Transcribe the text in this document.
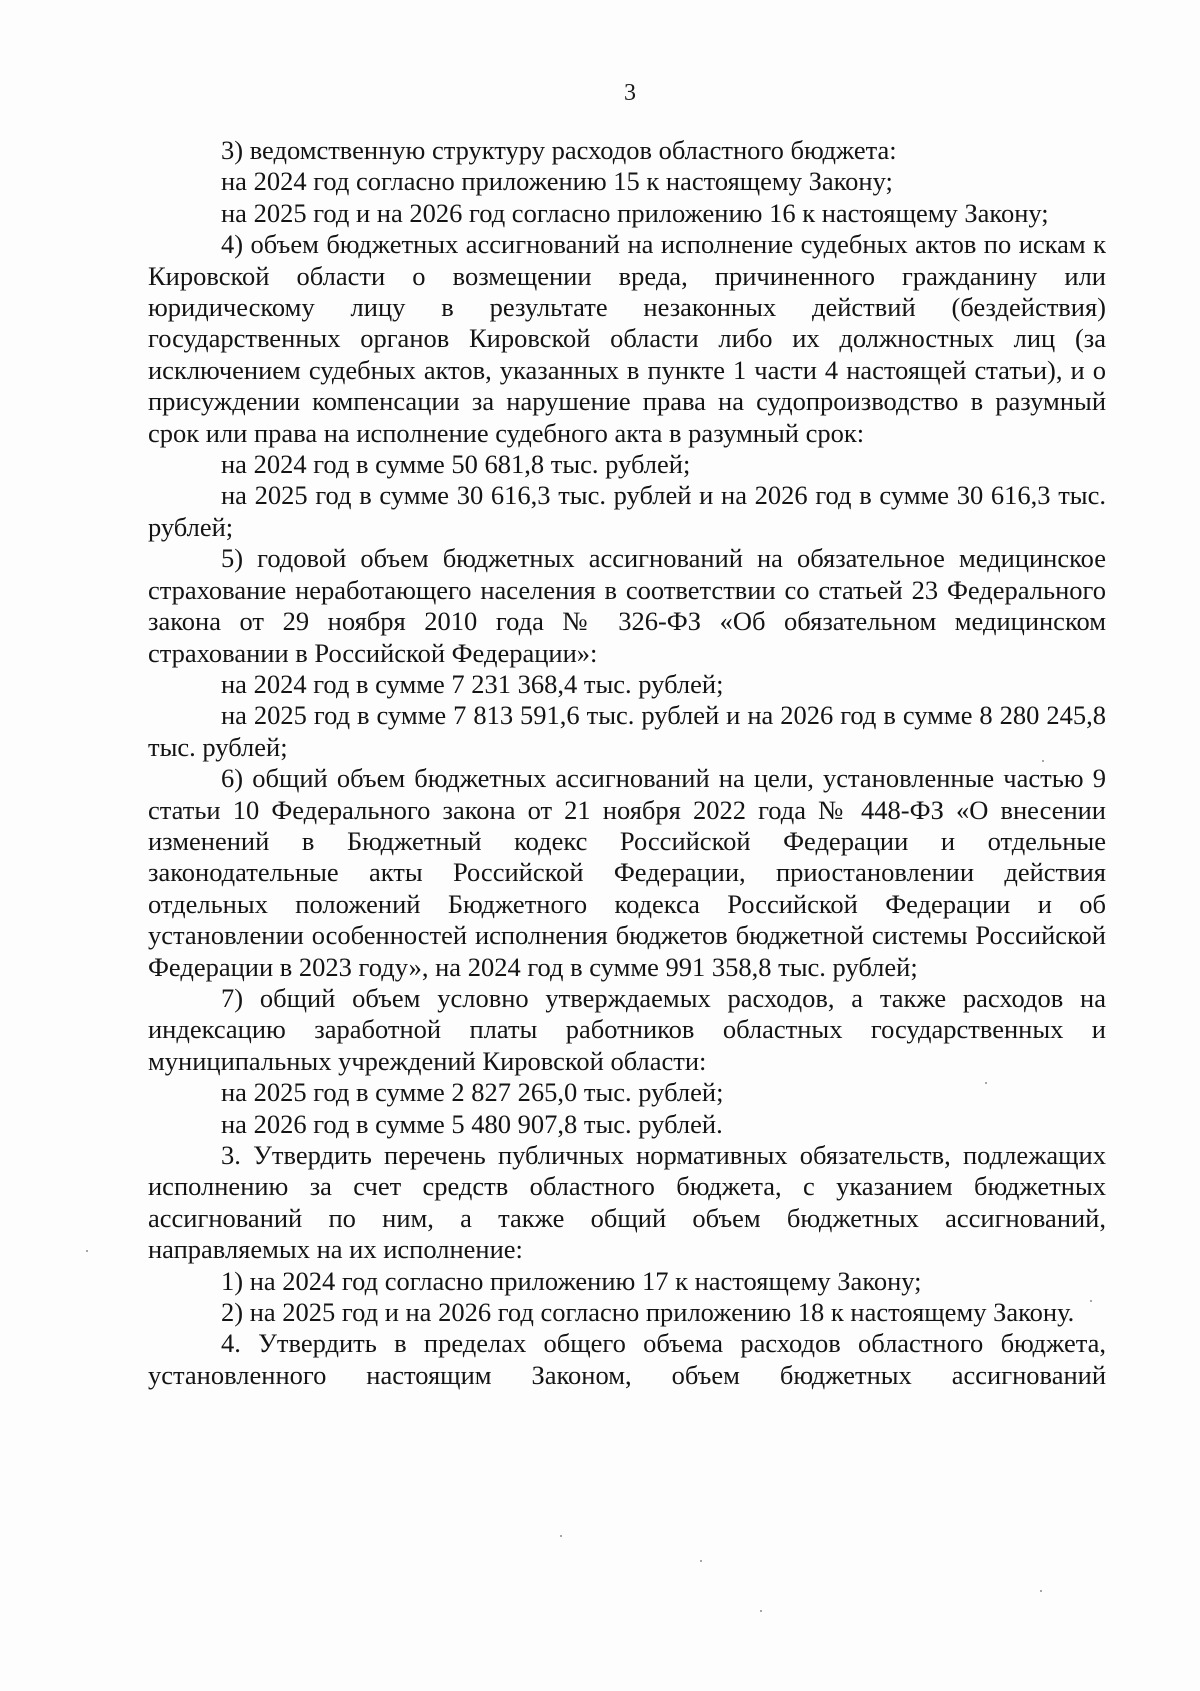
3

3) ведомственную структуру расходов областного бюджета:

на 2024 год согласно приложению 15 к настоящему Закону;

на 2025 год и на 2026 год согласно приложению 16 к настоящему Закону;

4) объем бюджетных ассигнований на исполнение судебных актов по искам к Кировской области о возмещении вреда, причиненного гражданину или юридическому лицу в результате незаконных действий (бездействия) государственных органов Кировской области либо их должностных лиц (за исключением судебных актов, указанных в пункте 1 части 4 настоящей статьи), и о присуждении компенсации за нарушение права на судопроизводство в разумный срок или права на исполнение судебного акта в разумный срок:

на 2024 год в сумме 50 681,8 тыс. рублей;

на 2025 год в сумме 30 616,3 тыс. рублей и на 2026 год в сумме 30 616,3 тыс. рублей;

5) годовой объем бюджетных ассигнований на обязательное медицинское страхование неработающего населения в соответствии со статьей 23 Федерального закона от 29 ноября 2010 года № 326-ФЗ «Об обязательном медицинском страховании в Российской Федерации»:

на 2024 год в сумме 7 231 368,4 тыс. рублей;

на 2025 год в сумме 7 813 591,6 тыс. рублей и на 2026 год в сумме 8 280 245,8 тыс. рублей;

6) общий объем бюджетных ассигнований на цели, установленные частью 9 статьи 10 Федерального закона от 21 ноября 2022 года № 448-ФЗ «О внесении изменений в Бюджетный кодекс Российской Федерации и отдельные законодательные акты Российской Федерации, приостановлении действия отдельных положений Бюджетного кодекса Российской Федерации и об установлении особенностей исполнения бюджетов бюджетной системы Российской Федерации в 2023 году», на 2024 год в сумме 991 358,8 тыс. рублей;

7) общий объем условно утверждаемых расходов, а также расходов на индексацию заработной платы работников областных государственных и муниципальных учреждений Кировской области:

на 2025 год в сумме 2 827 265,0 тыс. рублей;

на 2026 год в сумме 5 480 907,8 тыс. рублей.

3. Утвердить перечень публичных нормативных обязательств, подлежащих исполнению за счет средств областного бюджета, с указанием бюджетных ассигнований по ним, а также общий объем бюджетных ассигнований, направляемых на их исполнение:

1) на 2024 год согласно приложению 17 к настоящему Закону;

2) на 2025 год и на 2026 год согласно приложению 18 к настоящему Закону.

4. Утвердить в пределах общего объема расходов областного бюджета, установленного настоящим Законом, объем бюджетных ассигнований
